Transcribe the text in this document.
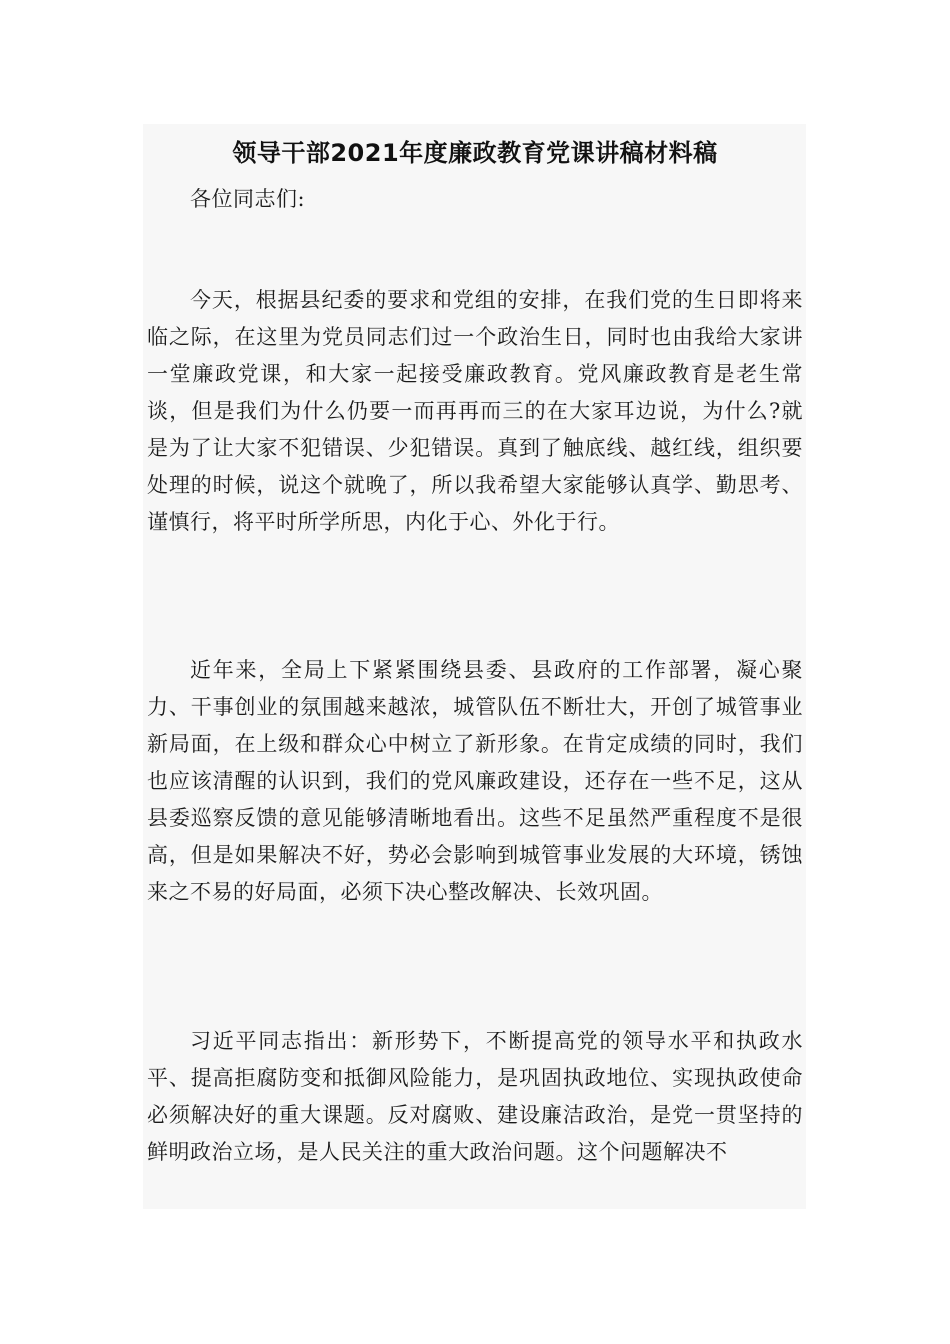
领导干部2021年度廉政教育党课讲稿材料稿

各位同志们:

今天，根据县纪委的要求和党组的安排，在我们党的生日即将来临之际，在这里为党员同志们过一个政治生日，同时也由我给大家讲一堂廉政党课，和大家一起接受廉政教育。党风廉政教育是老生常谈，但是我们为什么仍要一而再再而三的在大家耳边说，为什么?就是为了让大家不犯错误、少犯错误。真到了触底线、越红线，组织要处理的时候，说这个就晚了，所以我希望大家能够认真学、勤思考、谨慎行，将平时所学所思，内化于心、外化于行。

近年来，全局上下紧紧围绕县委、县政府的工作部署，凝心聚力、干事创业的氛围越来越浓，城管队伍不断壮大，开创了城管事业新局面，在上级和群众心中树立了新形象。在肯定成绩的同时，我们也应该清醒的认识到，我们的党风廉政建设，还存在一些不足，这从县委巡察反馈的意见能够清晰地看出。这些不足虽然严重程度不是很高，但是如果解决不好，势必会影响到城管事业发展的大环境，锈蚀来之不易的好局面，必须下决心整改解决、长效巩固。

习近平同志指出：新形势下，不断提高党的领导水平和执政水平、提高拒腐防变和抵御风险能力，是巩固执政地位、实现执政使命必须解决好的重大课题。反对腐败、建设廉洁政治，是党一贯坚持的鲜明政治立场，是人民关注的重大政治问题。这个问题解决不
